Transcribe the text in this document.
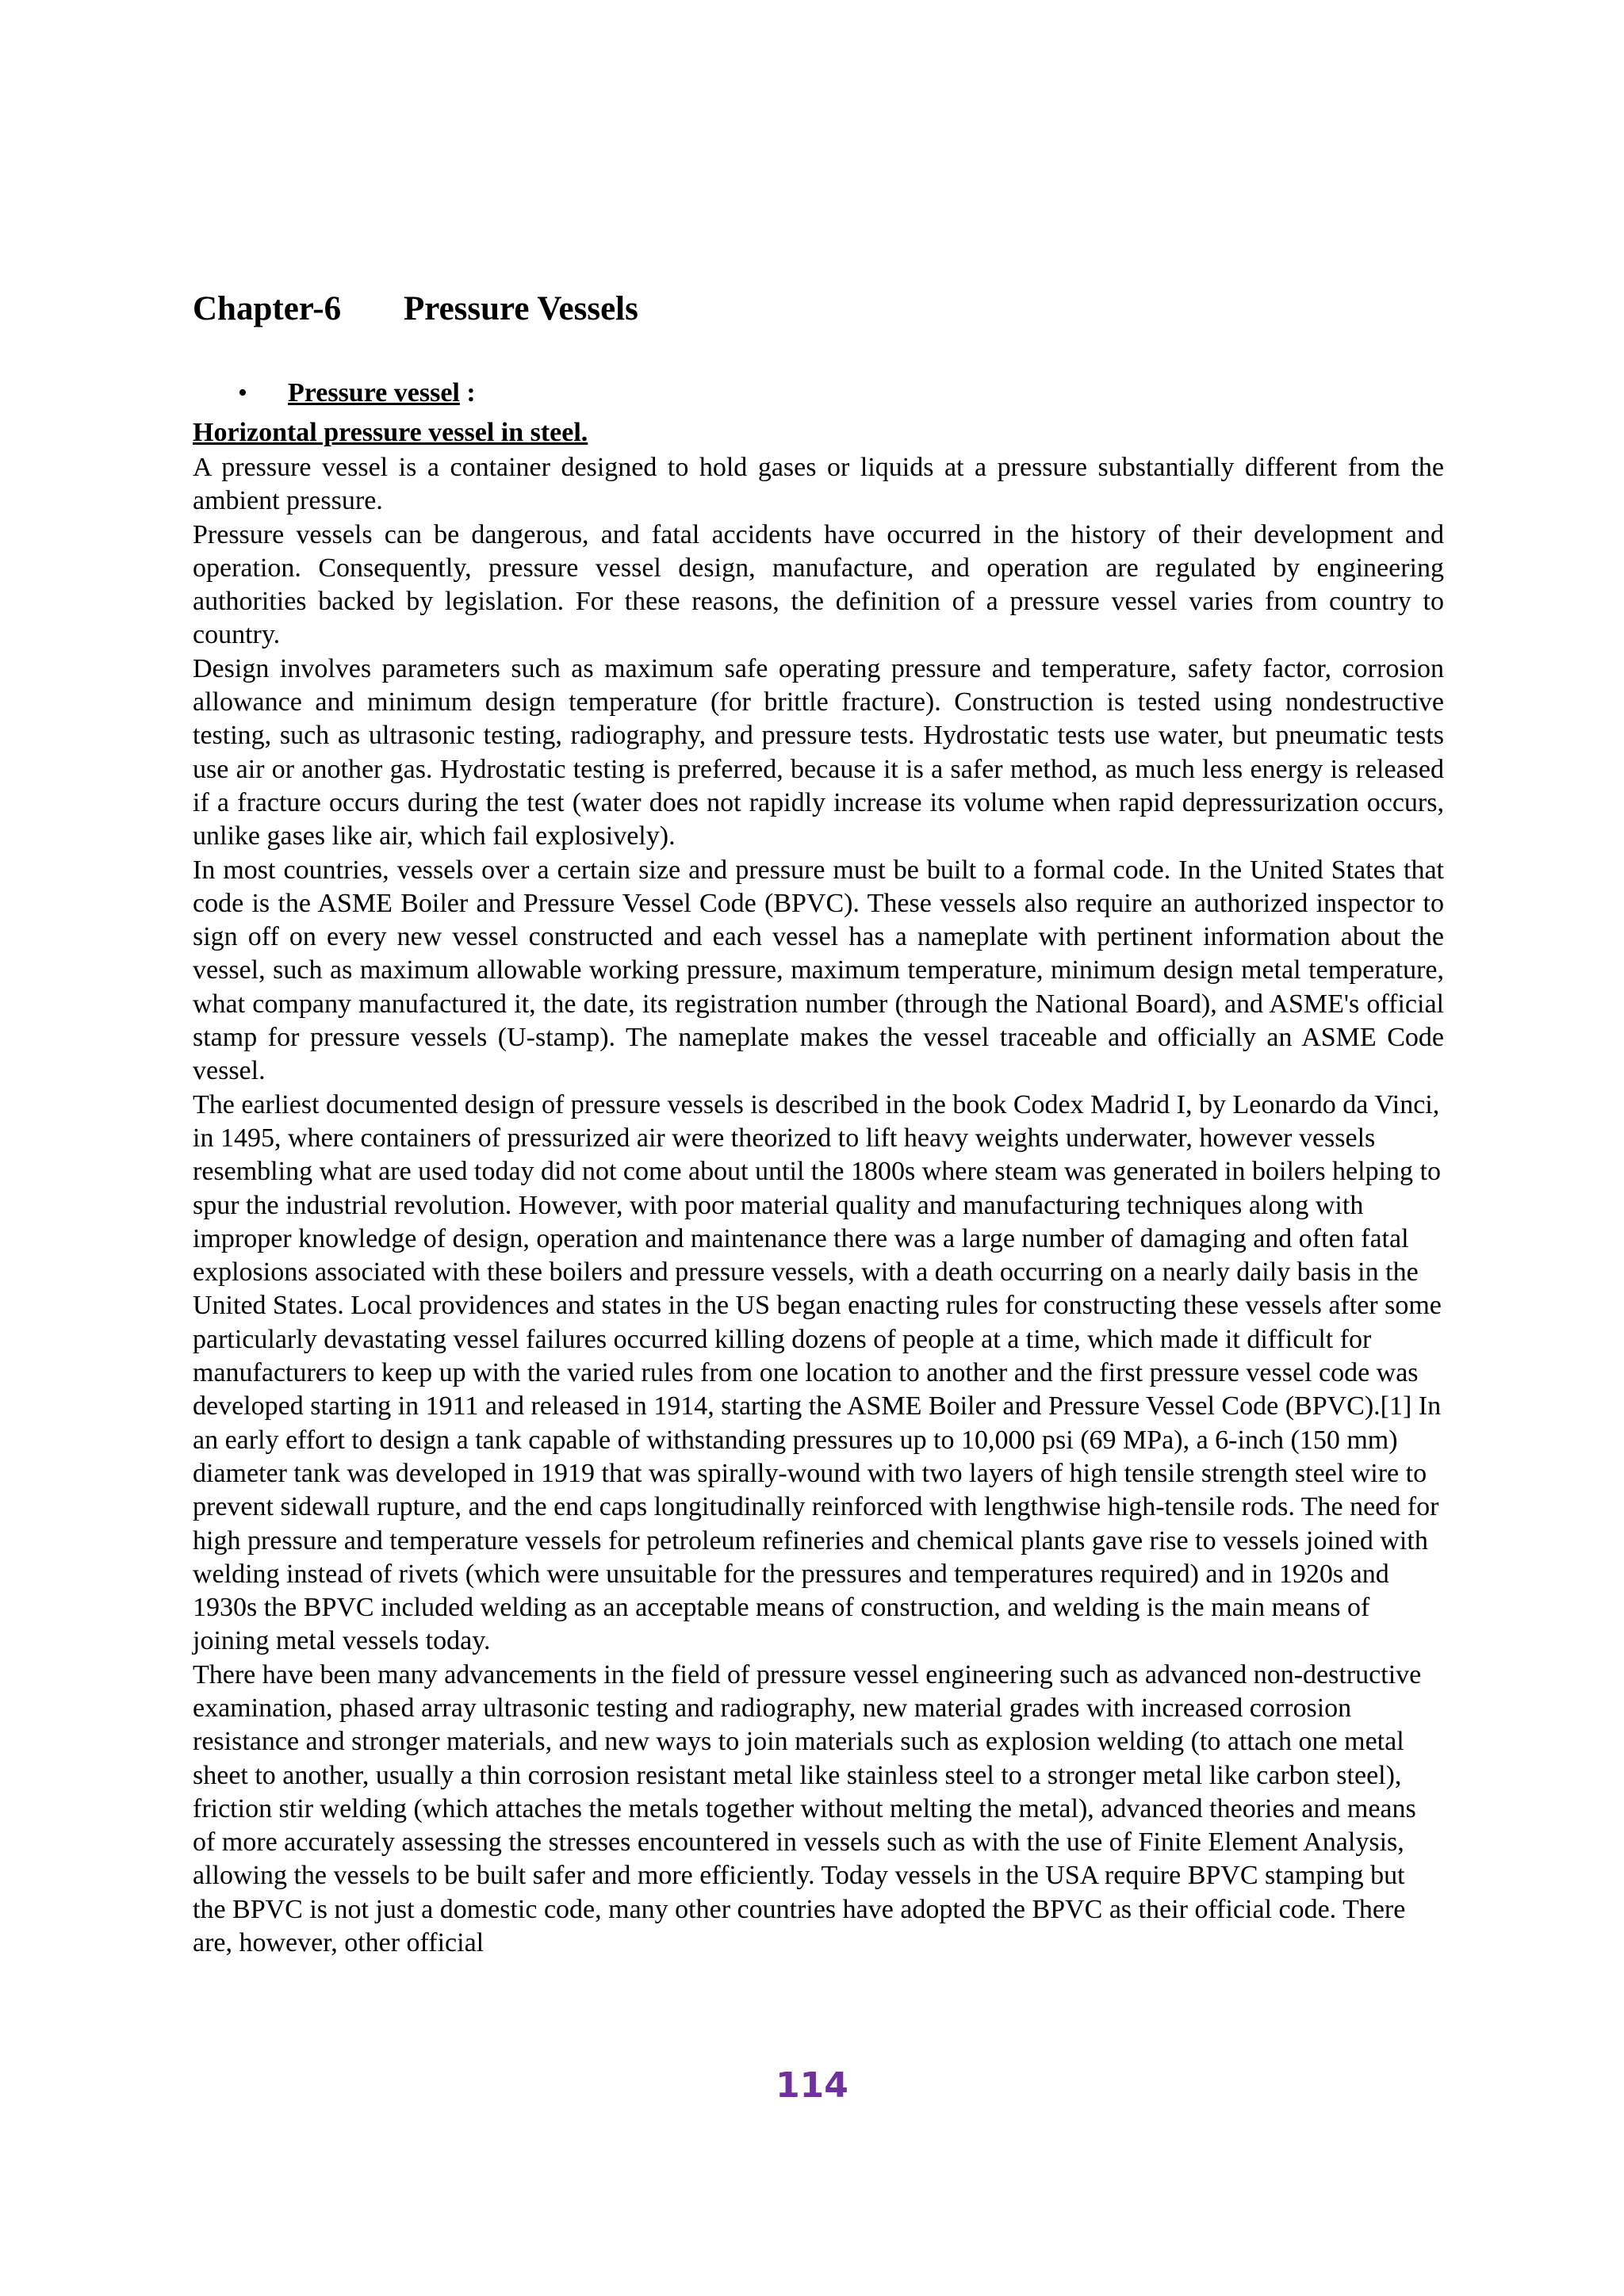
Chapter-6 Pressure Vessels
• Pressure vessel :
Horizontal pressure vessel in steel.

A pressure vessel is a container designed to hold gases or liquids at a pressure substantially different from the ambient pressure.

Pressure vessels can be dangerous, and fatal accidents have occurred in the history of their development and operation. Consequently, pressure vessel design, manufacture, and operation are regulated by engineering authorities backed by legislation. For these reasons, the definition of a pressure vessel varies from country to country.

Design involves parameters such as maximum safe operating pressure and temperature, safety factor, corrosion allowance and minimum design temperature (for brittle fracture). Construction is tested using nondestructive testing, such as ultrasonic testing, radiography, and pressure tests. Hydrostatic tests use water, but pneumatic tests use air or another gas. Hydrostatic testing is preferred, because it is a safer method, as much less energy is released if a fracture occurs during the test (water does not rapidly increase its volume when rapid depressurization occurs, unlike gases like air, which fail explosively).

In most countries, vessels over a certain size and pressure must be built to a formal code. In the United States that code is the ASME Boiler and Pressure Vessel Code (BPVC). These vessels also require an authorized inspector to sign off on every new vessel constructed and each vessel has a nameplate with pertinent information about the vessel, such as maximum allowable working pressure, maximum temperature, minimum design metal temperature, what company manufactured it, the date, its registration number (through the National Board), and ASME's official stamp for pressure vessels (U-stamp). The nameplate makes the vessel traceable and officially an ASME Code vessel.

The earliest documented design of pressure vessels is described in the book Codex Madrid I, by Leonardo da Vinci, in 1495, where containers of pressurized air were theorized to lift heavy weights underwater, however vessels resembling what are used today did not come about until the 1800s where steam was generated in boilers helping to spur the industrial revolution. However, with poor material quality and manufacturing techniques along with improper knowledge of design, operation and maintenance there was a large number of damaging and often fatal explosions associated with these boilers and pressure vessels, with a death occurring on a nearly daily basis in the United States. Local providences and states in the US began enacting rules for constructing these vessels after some particularly devastating vessel failures occurred killing dozens of people at a time, which made it difficult for manufacturers to keep up with the varied rules from one location to another and the first pressure vessel code was developed starting in 1911 and released in 1914, starting the ASME Boiler and Pressure Vessel Code (BPVC).[1] In an early effort to design a tank capable of withstanding pressures up to 10,000 psi (69 MPa), a 6-inch (150 mm) diameter tank was developed in 1919 that was spirally-wound with two layers of high tensile strength steel wire to prevent sidewall rupture, and the end caps longitudinally reinforced with lengthwise high-tensile rods. The need for high pressure and temperature vessels for petroleum refineries and chemical plants gave rise to vessels joined with welding instead of rivets (which were unsuitable for the pressures and temperatures required) and in 1920s and 1930s the BPVC included welding as an acceptable means of construction, and welding is the main means of joining metal vessels today.

There have been many advancements in the field of pressure vessel engineering such as advanced non-destructive examination, phased array ultrasonic testing and radiography, new material grades with increased corrosion resistance and stronger materials, and new ways to join materials such as explosion welding (to attach one metal sheet to another, usually a thin corrosion resistant metal like stainless steel to a stronger metal like carbon steel), friction stir welding (which attaches the metals together without melting the metal), advanced theories and means of more accurately assessing the stresses encountered in vessels such as with the use of Finite Element Analysis, allowing the vessels to be built safer and more efficiently. Today vessels in the USA require BPVC stamping but the BPVC is not just a domestic code, many other countries have adopted the BPVC as their official code. There are, however, other official

114
